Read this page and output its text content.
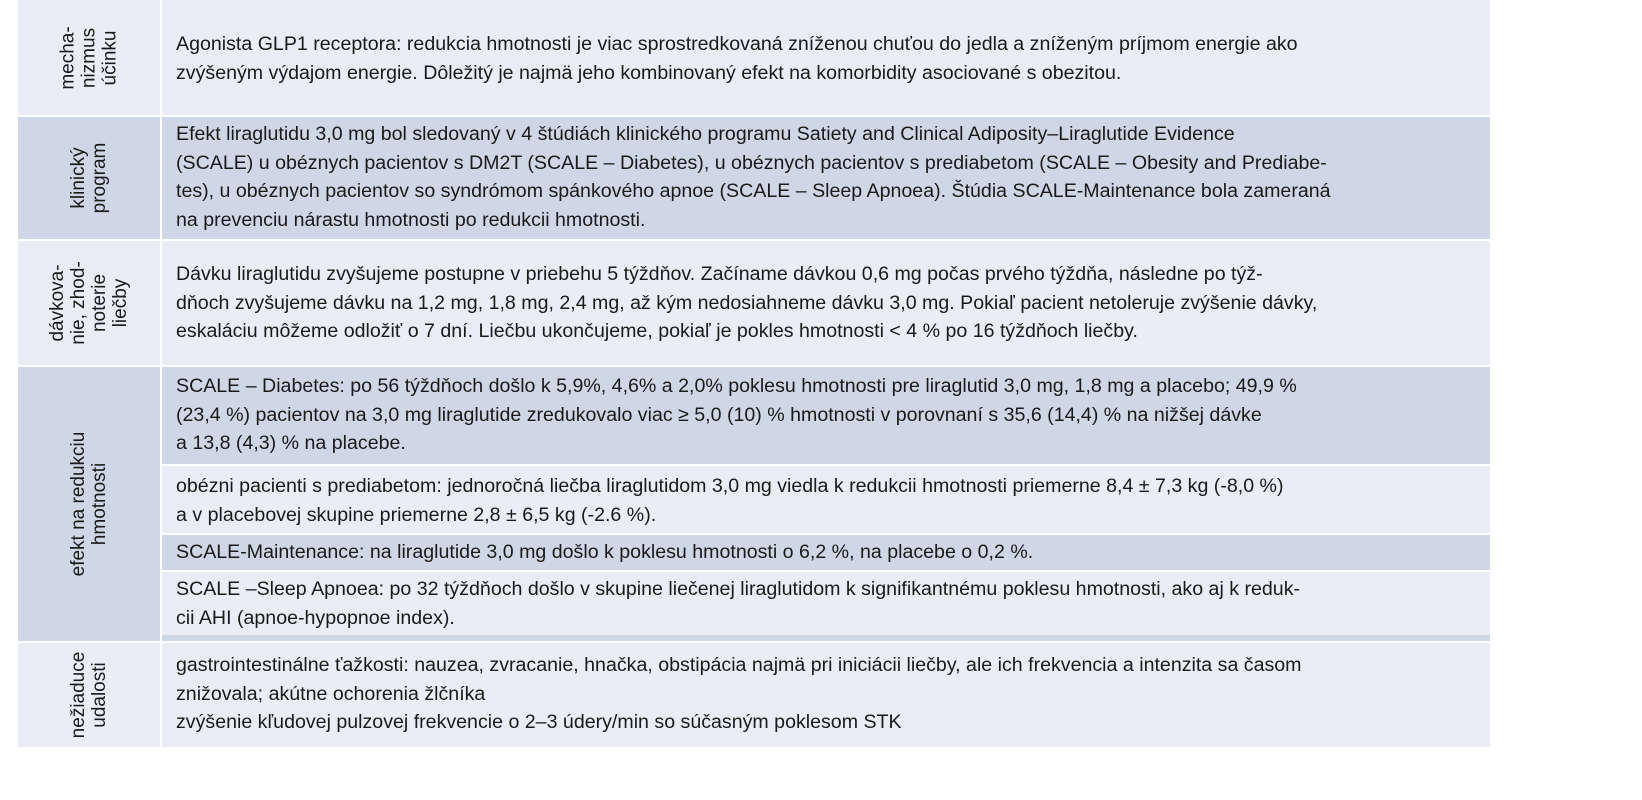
mecha-
nizmus
účinku	Agonista GLP1 receptora: redukcia hmotnosti je viac sprostredkovaná zníženou chuťou do jedla a zníženým príjmom energie ako
zvýšeným výdajom energie. Dôležitý je najmä jeho kombinovaný efekt na komorbidity asociované s obezitou.
klinický
program
Efekt liraglutidu 3,0 mg bol sledovaný v 4 štúdiách klinického programu Satiety and Clinical Adiposity–Liraglutide Evidence
(SCALE) u obéznych pacientov s DM2T (SCALE – Diabetes), u obéznych pacientov s prediabetom (SCALE – Obesity and Prediabe-
tes), u obéznych pacientov so syndrómom spánkového apnoe (SCALE – Sleep Apnoea). Štúdia SCALE-Maintenance bola zameraná
na prevenciu nárastu hmotnosti po redukcii hmotnosti.
dávkova-
nie, zhod-
noterie
liečby
Dávku liraglutidu zvyšujeme postupne v priebehu 5 týždňov. Začíname dávkou 0,6 mg počas prvého týždňa, následne po týž-
dňoch zvyšujeme dávku na 1,2 mg, 1,8 mg, 2,4 mg, až kým nedosiahneme dávku 3,0 mg. Pokiaľ pacient netoleruje zvýšenie dávky,
eskaláciu môžeme odložiť o 7 dní. Liečbu ukončujeme, pokiaľ je pokles hmotnosti < 4 % po 16 týždňoch liečby.
efekt na redukciu
hmotnosti
SCALE – Diabetes: po 56 týždňoch došlo k 5,9%, 4,6% a 2,0% poklesu hmotnosti pre liraglutid 3,0 mg, 1,8 mg a placebo; 49,9 %
(23,4 %) pacientov na 3,0 mg liraglutide zredukovalo viac ≥ 5,0 (10) % hmotnosti v porovnaní s 35,6 (14,4) % na nižšej dávke
a 13,8 (4,3) % na placebe.
obézni pacienti s prediabetom: jednoročná liečba liraglutidom 3,0 mg viedla k redukcii hmotnosti priemerne 8,4 ± 7,3 kg (-8,0 %)
a v placebovej skupine priemerne 2,8 ± 6,5 kg (-2.6 %).
SCALE-Maintenance: na liraglutide 3,0 mg došlo k poklesu hmotnosti o 6,2 %, na placebe o 0,2 %.
SCALE –Sleep Apnoea: po 32 týždňoch došlo v skupine liečenej liraglutidom k signifikantnému poklesu hmotnosti, ako aj k reduk-
cii AHI (apnoe-hypopnoe index).
nežiaduce
udalosti	gastrointestinálne ťažkosti: nauzea, zvracanie, hnačka, obstipácia najmä pri iniciácii liečby, ale ich frekvencia a intenzita sa časom
znižovala; akútne ochorenia žlčníka
zvýšenie kľudovej pulzovej frekvencie o 2–3 údery/min so súčasným poklesom STK
